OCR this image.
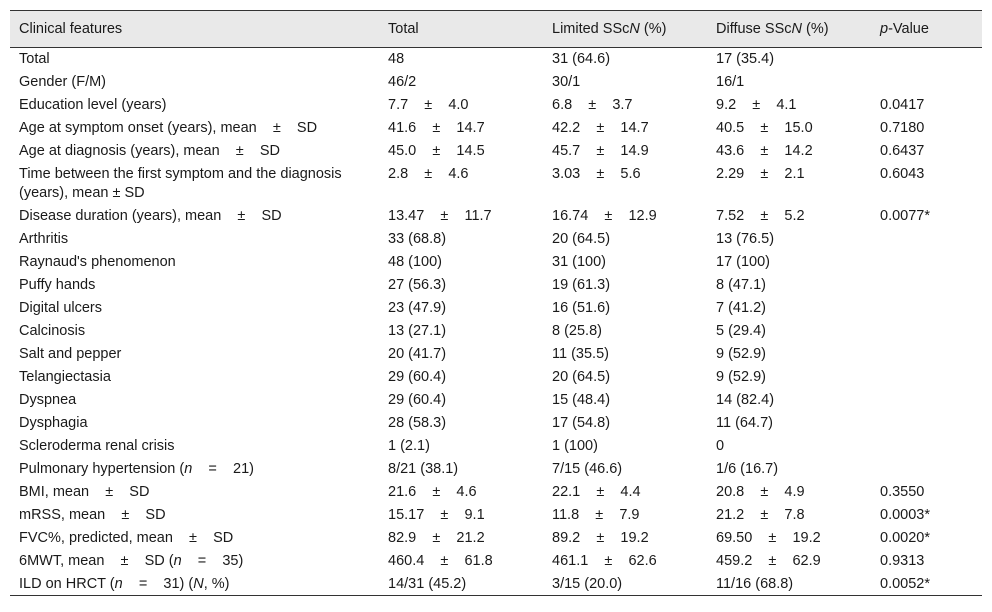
Clinical features	Total	Limited SScN (%)	Diffuse SScN (%)	p-Value
Total	48	31 (64.6)	17 (35.4)	
Gender (F/M)	46/2	30/1	16/1	
Education level (years)	7.7    ±    4.0	6.8    ±    3.7	9.2    ±    4.1	0.0417
Age at symptom onset (years), mean    ±    SD	41.6    ±    14.7	42.2    ±    14.7	40.5    ±    15.0	0.7180
Age at diagnosis (years), mean    ±    SD	45.0    ±    14.5	45.7    ±    14.9	43.6    ±    14.2	0.6437
Time between the first symptom and the diagnosis (years), mean ± SD	2.8    ±    4.6	3.03    ±    5.6	2.29    ±    2.1	0.6043
Disease duration (years), mean    ±    SD	13.47    ±    11.7	16.74    ±    12.9	7.52    ±    5.2	0.0077*
Arthritis	33 (68.8)	20 (64.5)	13 (76.5)	
Raynaud's phenomenon	48 (100)	31 (100)	17 (100)	
Puffy hands	27 (56.3)	19 (61.3)	8 (47.1)	
Digital ulcers	23 (47.9)	16 (51.6)	7 (41.2)	
Calcinosis	13 (27.1)	8 (25.8)	5 (29.4)	
Salt and pepper	20 (41.7)	11 (35.5)	9 (52.9)	
Telangiectasia	29 (60.4)	20 (64.5)	9 (52.9)	
Dyspnea	29 (60.4)	15 (48.4)	14 (82.4)	
Dysphagia	28 (58.3)	17 (54.8)	11 (64.7)	
Scleroderma renal crisis	1 (2.1)	1 (100)	0	
Pulmonary hypertension (n    =    21)	8/21 (38.1)	7/15 (46.6)	1/6 (16.7)	
BMI, mean    ±    SD	21.6    ±    4.6	22.1    ±    4.4	20.8    ±    4.9	0.3550
mRSS, mean    ±    SD	15.17    ±    9.1	11.8    ±    7.9	21.2    ±    7.8	0.0003*
FVC%, predicted, mean    ±    SD	82.9    ±    21.2	89.2    ±    19.2	69.50    ±    19.2	0.0020*
6MWT, mean    ±    SD (n    =    35)	460.4    ±    61.8	461.1    ±    62.6	459.2    ±    62.9	0.9313
ILD on HRCT (n    =    31) (N, %)	14/31 (45.2)	3/15 (20.0)	11/16 (68.8)	0.0052*
